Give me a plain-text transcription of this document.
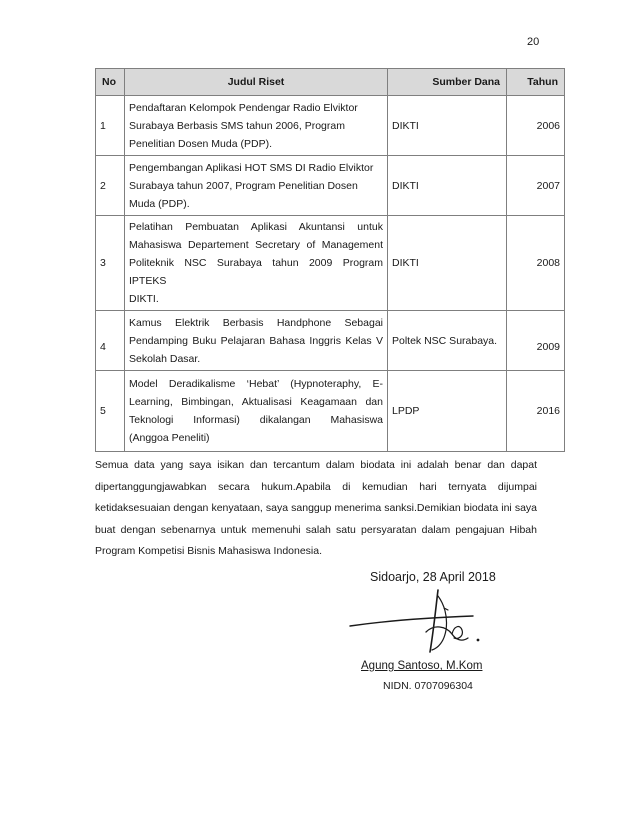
20
No	Judul Riset	Sumber Dana	Tahun
1	Pendaftaran Kelompok Pendengar Radio Elviktor
Surabaya Berbasis SMS tahun 2006, Program
Penelitian Dosen Muda (PDP).	DIKTI	2006
2	Pengembangan Aplikasi HOT SMS DI Radio Elviktor
Surabaya tahun 2007, Program Penelitian Dosen
Muda (PDP).	DIKTI	2007
3	Pelatihan Pembuatan Aplikasi Akuntansi untuk
Mahasiswa Departement Secretary of Management
Politeknik NSC Surabaya tahun 2009 Program IPTEKS
DIKTI.	DIKTI	2008
4	Kamus Elektrik Berbasis Handphone Sebagai
Pendamping Buku Pelajaran Bahasa Inggris Kelas V
Sekolah Dasar.	Poltek NSC Surabaya.	2009
5	Model Deradikalisme ‘Hebat’ (Hypnoteraphy, E-
Learning, Bimbingan, Aktualisasi Keagamaan dan
Teknologi Informasi) dikalangan Mahasiswa
(Anggoa Peneliti)	LPDP	2016

Semua data yang saya isikan dan tercantum dalam biodata ini adalah benar dan dapat dipertanggungjawabkan secara hukum.Apabila di kemudian hari ternyata dijumpai ketidaksesuaian dengan kenyataan, saya sanggup menerima sanksi.Demikian biodata ini saya buat dengan sebenarnya untuk memenuhi salah satu persyaratan dalam pengajuan Hibah Program Kompetisi Bisnis Mahasiswa Indonesia.

Sidoarjo, 28 April 2018
Agung Santoso, M.Kom
NIDN. 0707096304
